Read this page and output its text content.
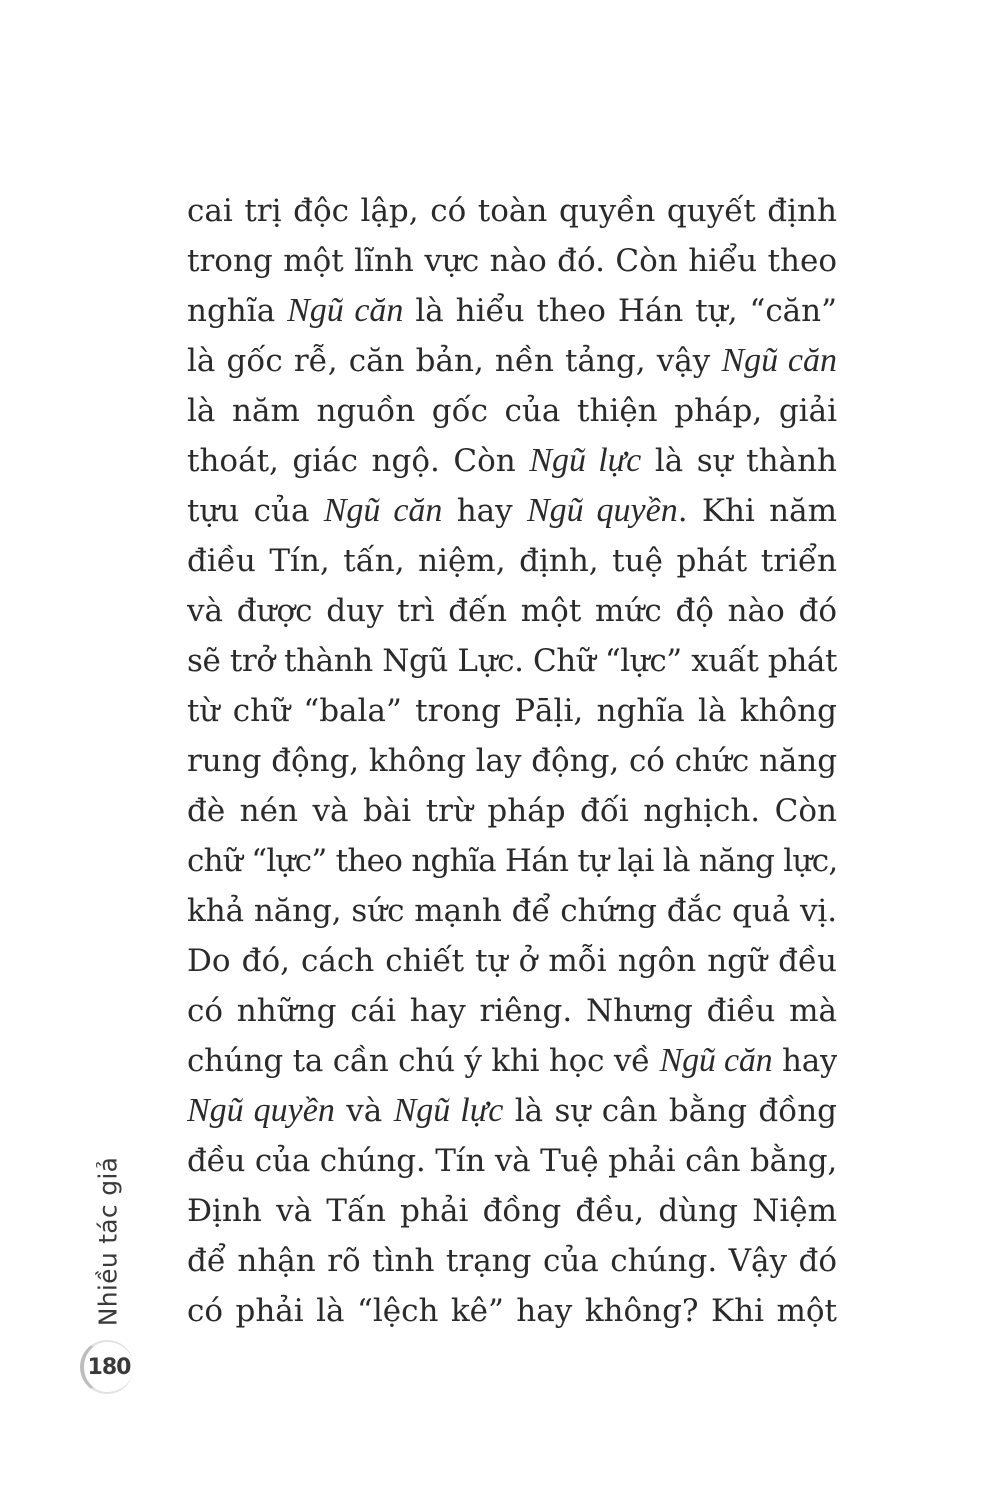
cai trị độc lập, có toàn quyền quyết định
trong một lĩnh vực nào đó. Còn hiểu theo
nghĩa Ngũ căn là hiểu theo Hán tự, “căn”
là gốc rễ, căn bản, nền tảng, vậy Ngũ căn
là năm nguồn gốc của thiện pháp, giải
thoát, giác ngộ. Còn Ngũ lực là sự thành
tựu của Ngũ căn hay Ngũ quyền. Khi năm
điều Tín, tấn, niệm, định, tuệ phát triển
và được duy trì đến một mức độ nào đó
sẽ trở thành Ngũ Lực. Chữ “lực” xuất phát
từ chữ “bala” trong Pāḷi, nghĩa là không
rung động, không lay động, có chức năng
đè nén và bài trừ pháp đối nghịch. Còn
chữ “lực” theo nghĩa Hán tự lại là năng lực,
khả năng, sức mạnh để chứng đắc quả vị.
Do đó, cách chiết tự ở mỗi ngôn ngữ đều
có những cái hay riêng. Nhưng điều mà
chúng ta cần chú ý khi học về Ngũ căn hay
Ngũ quyền và Ngũ lực là sự cân bằng đồng
đều của chúng. Tín và Tuệ phải cân bằng,
Định và Tấn phải đồng đều, dùng Niệm
để nhận rõ tình trạng của chúng. Vậy đó
có phải là “lệch kê” hay không? Khi một
Nhiều tác giả
180
